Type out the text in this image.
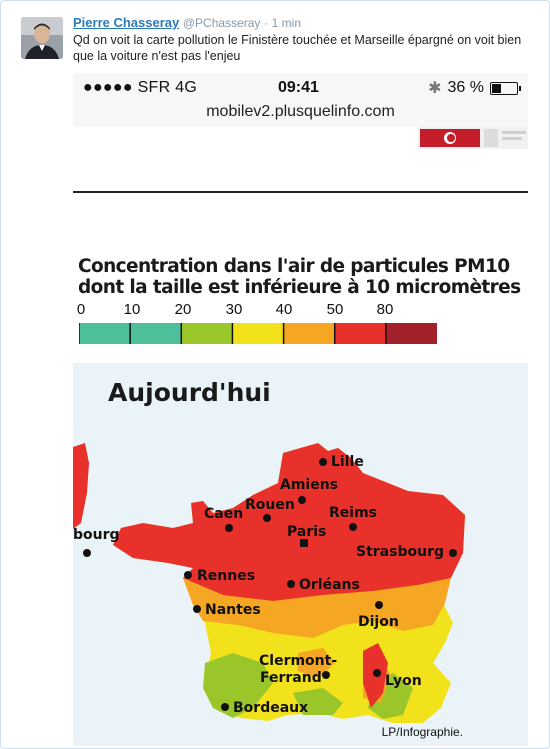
Pierre Chasseray @PChasseray · 1 min
Qd on voit la carte pollution le Finistère touchée et Marseille épargné on voit bien que la voiture n'est pas l'enjeu
●●●●● SFR 4G	09:41	✱ 36 %
mobilev2.plusquelinfo.com
Concentration dans l'air de particules PM10
dont la taille est inférieure à 10 micromètres
0	10 20 30 40 50 80
Aujourd'hui
Lille
Amiens
Caen
Rouen Reims
Paris
Strasbourg
Rennes
Orléans
Nantes
Dijon
Clermont-
Ferrand	Lyon
Bordeaux
bourg
LP/Infographie.
